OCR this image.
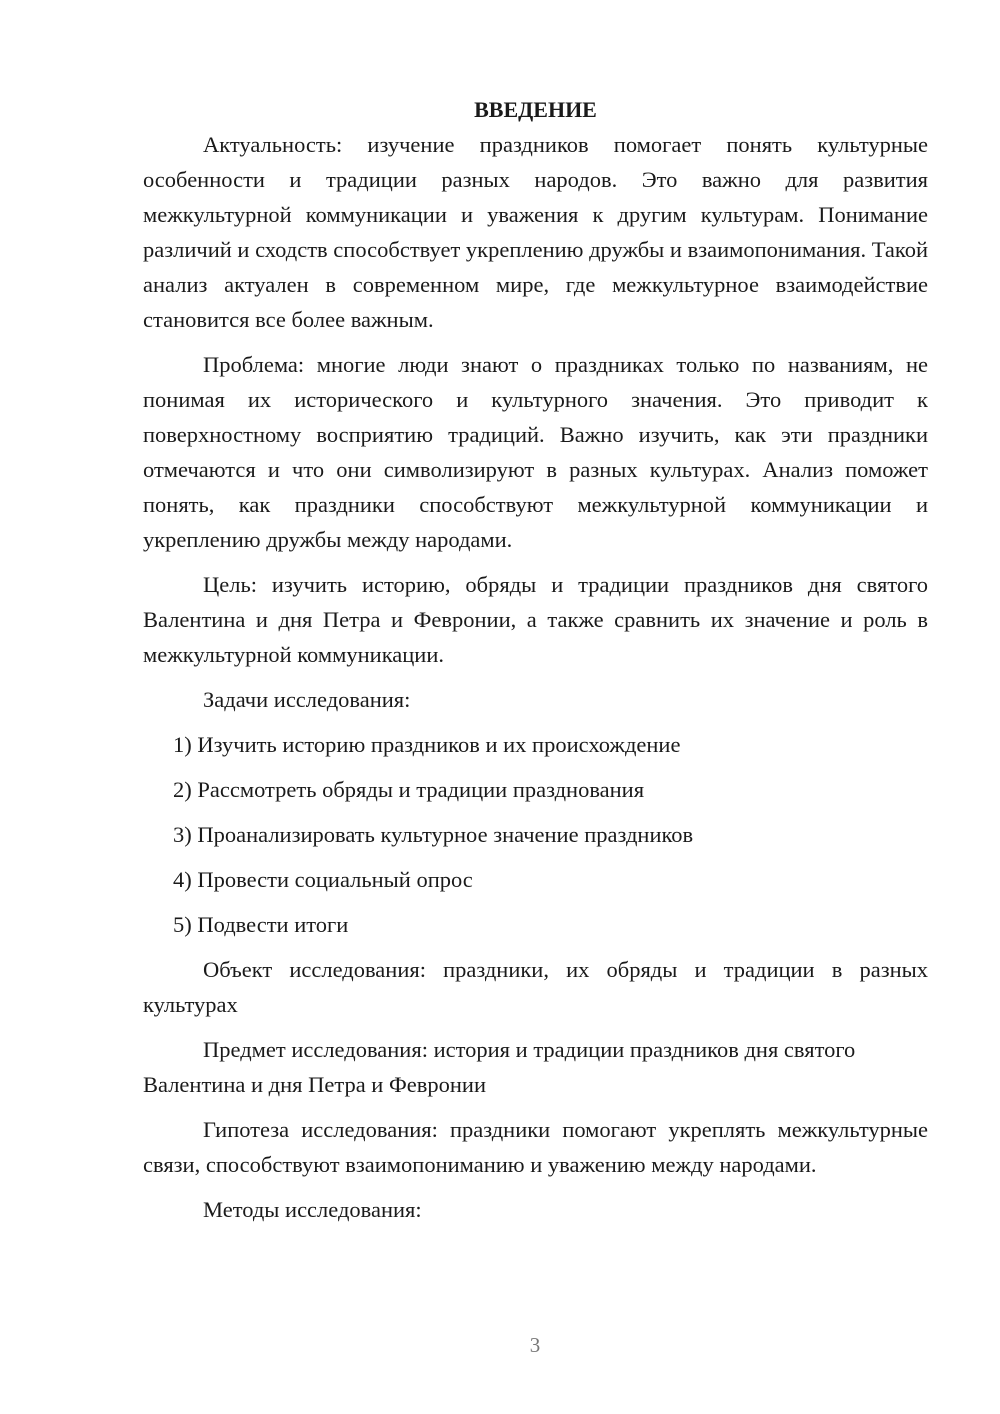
ВВЕДЕНИЕ

Актуальность: изучение праздников помогает понять культурные особенности и традиции разных народов. Это важно для развития межкультурной коммуникации и уважения к другим культурам. Понимание различий и сходств способствует укреплению дружбы и взаимопонимания. Такой анализ актуален в современном мире, где межкультурное взаимодействие становится все более важным.

Проблема: многие люди знают о праздниках только по названиям, не понимая их исторического и культурного значения. Это приводит к поверхностному восприятию традиций. Важно изучить, как эти праздники отмечаются и что они символизируют в разных культурах. Анализ поможет понять, как праздники способствуют межкультурной коммуникации и укреплению дружбы между народами.

Цель: изучить историю, обряды и традиции праздников дня святого Валентина и дня Петра и Февронии, а также сравнить их значение и роль в межкультурной коммуникации.

Задачи исследования:

1) Изучить историю праздников и их происхождение

2) Рассмотреть обряды и традиции празднования

3) Проанализировать культурное значение праздников

4) Провести социальный опрос

5) Подвести итоги

Объект исследования: праздники, их обряды и традиции в разных культурах

Предмет исследования: история и традиции праздников дня святого Валентина и дня Петра и Февронии

Гипотеза исследования: праздники помогают укреплять межкультурные связи, способствуют взаимопониманию и уважению между народами.

Методы исследования:

3
